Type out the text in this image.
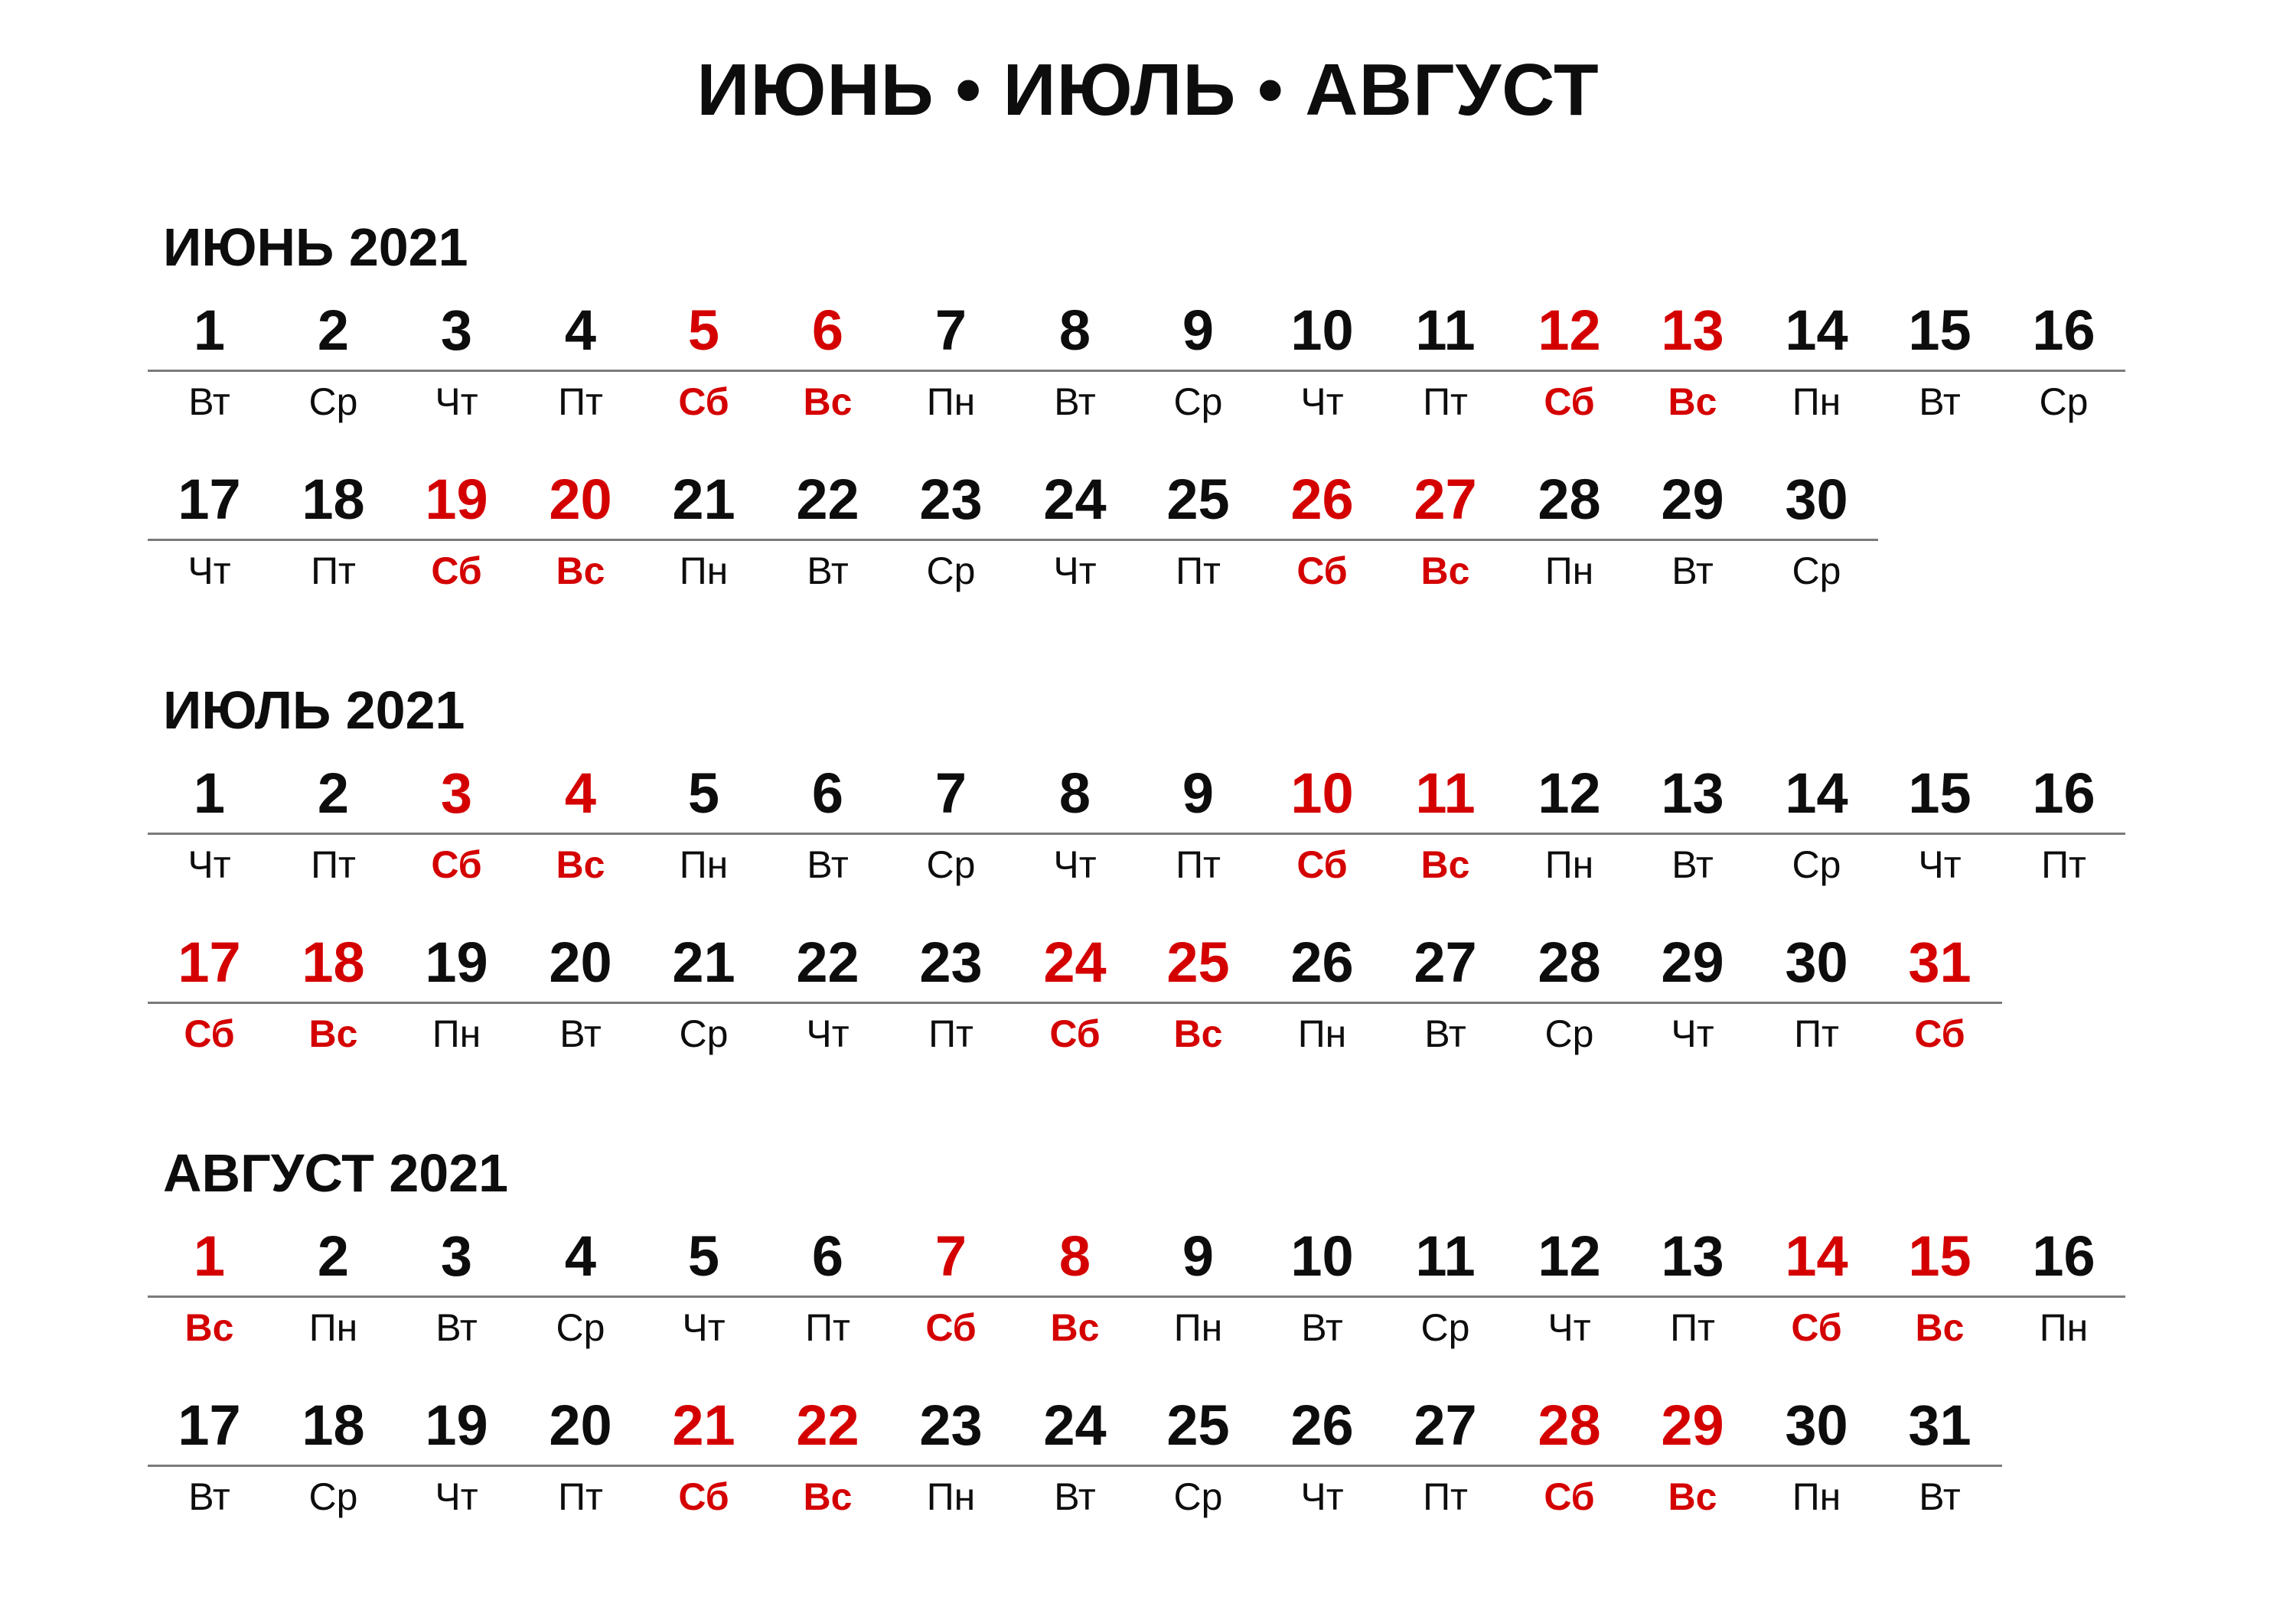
ИЮНЬ • ИЮЛЬ • АВГУСТ
ИЮНЬ 2021
1
Вт
2
Ср
3
Чт
4
Пт
5
Сб
6
Вс
7
Пн
8
Вт
9
Ср
10
Чт
11
Пт
12
Сб
13
Вс
14
Пн
15
Вт
16
Ср
17
Чт
18
Пт
19
Сб
20
Вс
21
Пн
22
Вт
23
Ср
24
Чт
25
Пт
26
Сб
27
Вс
28
Пн
29
Вт
30
Ср
ИЮЛЬ 2021
1
Чт
2
Пт
3
Сб
4
Вс
5
Пн
6
Вт
7
Ср
8
Чт
9
Пт
10
Сб
11
Вс
12
Пн
13
Вт
14
Ср
15
Чт
16
Пт
17
Сб
18
Вс
19
Пн
20
Вт
21
Ср
22
Чт
23
Пт
24
Сб
25
Вс
26
Пн
27
Вт
28
Ср
29
Чт
30
Пт
31
Сб
АВГУСТ 2021
1
Вс
2
Пн
3
Вт
4
Ср
5
Чт
6
Пт
7
Сб
8
Вс
9
Пн
10
Вт
11
Ср
12
Чт
13
Пт
14
Сб
15
Вс
16
Пн
17
Вт
18
Ср
19
Чт
20
Пт
21
Сб
22
Вс
23
Пн
24
Вт
25
Ср
26
Чт
27
Пт
28
Сб
29
Вс
30
Пн
31
Вт
